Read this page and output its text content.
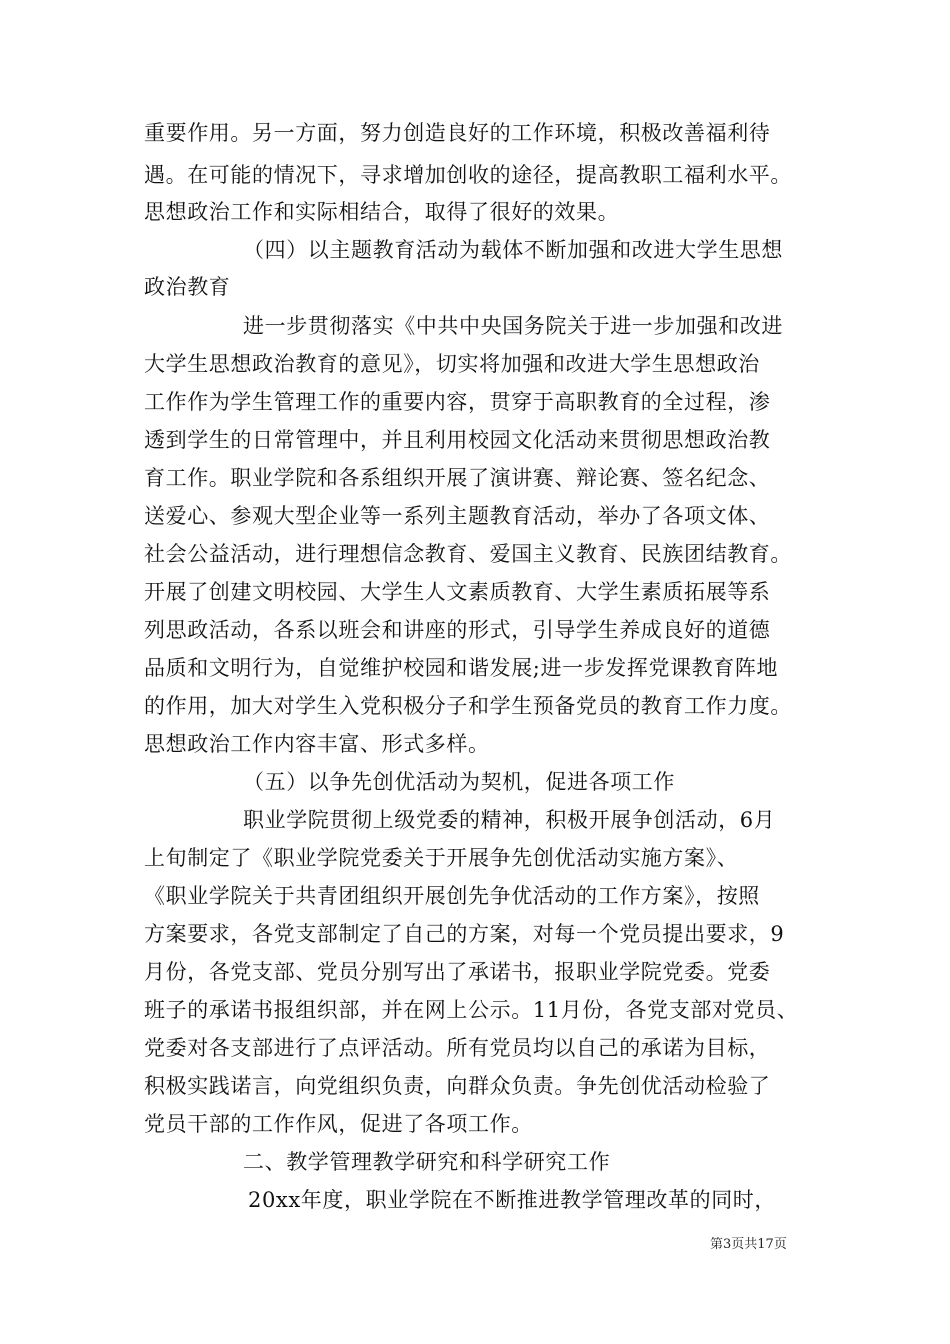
重要作用。另一方面，努力创造良好的工作环境，积极改善福利待
遇。在可能的情况下，寻求增加创收的途径，提高教职工福利水平。
思想政治工作和实际相结合，取得了很好的效果。
（四）以主题教育活动为载体不断加强和改进大学生思想
政治教育
进一步贯彻落实《中共中央国务院关于进一步加强和改进
大学生思想政治教育的意见》，切实将加强和改进大学生思想政治
工作作为学生管理工作的重要内容，贯穿于高职教育的全过程，渗
透到学生的日常管理中，并且利用校园文化活动来贯彻思想政治教
育工作。职业学院和各系组织开展了演讲赛、辩论赛、签名纪念、
送爱心、参观大型企业等一系列主题教育活动，举办了各项文体、
社会公益活动，进行理想信念教育、爱国主义教育、民族团结教育。
开展了创建文明校园、大学生人文素质教育、大学生素质拓展等系
列思政活动，各系以班会和讲座的形式，引导学生养成良好的道德
品质和文明行为，自觉维护校园和谐发展;进一步发挥党课教育阵地
的作用，加大对学生入党积极分子和学生预备党员的教育工作力度。
思想政治工作内容丰富、形式多样。
（五）以争先创优活动为契机，促进各项工作
职业学院贯彻上级党委的精神，积极开展争创活动，6月
上旬制定了《职业学院党委关于开展争先创优活动实施方案》、
《职业学院关于共青团组织开展创先争优活动的工作方案》，按照
方案要求，各党支部制定了自己的方案，对每一个党员提出要求，9
月份，各党支部、党员分别写出了承诺书，报职业学院党委。党委
班子的承诺书报组织部，并在网上公示。11月份，各党支部对党员、
党委对各支部进行了点评活动。所有党员均以自己的承诺为目标，
积极实践诺言，向党组织负责，向群众负责。争先创优活动检验了
党员干部的工作作风，促进了各项工作。
二、教学管理教学研究和科学研究工作
20xx年度，职业学院在不断推进教学管理改革的同时，
第3页共17页
